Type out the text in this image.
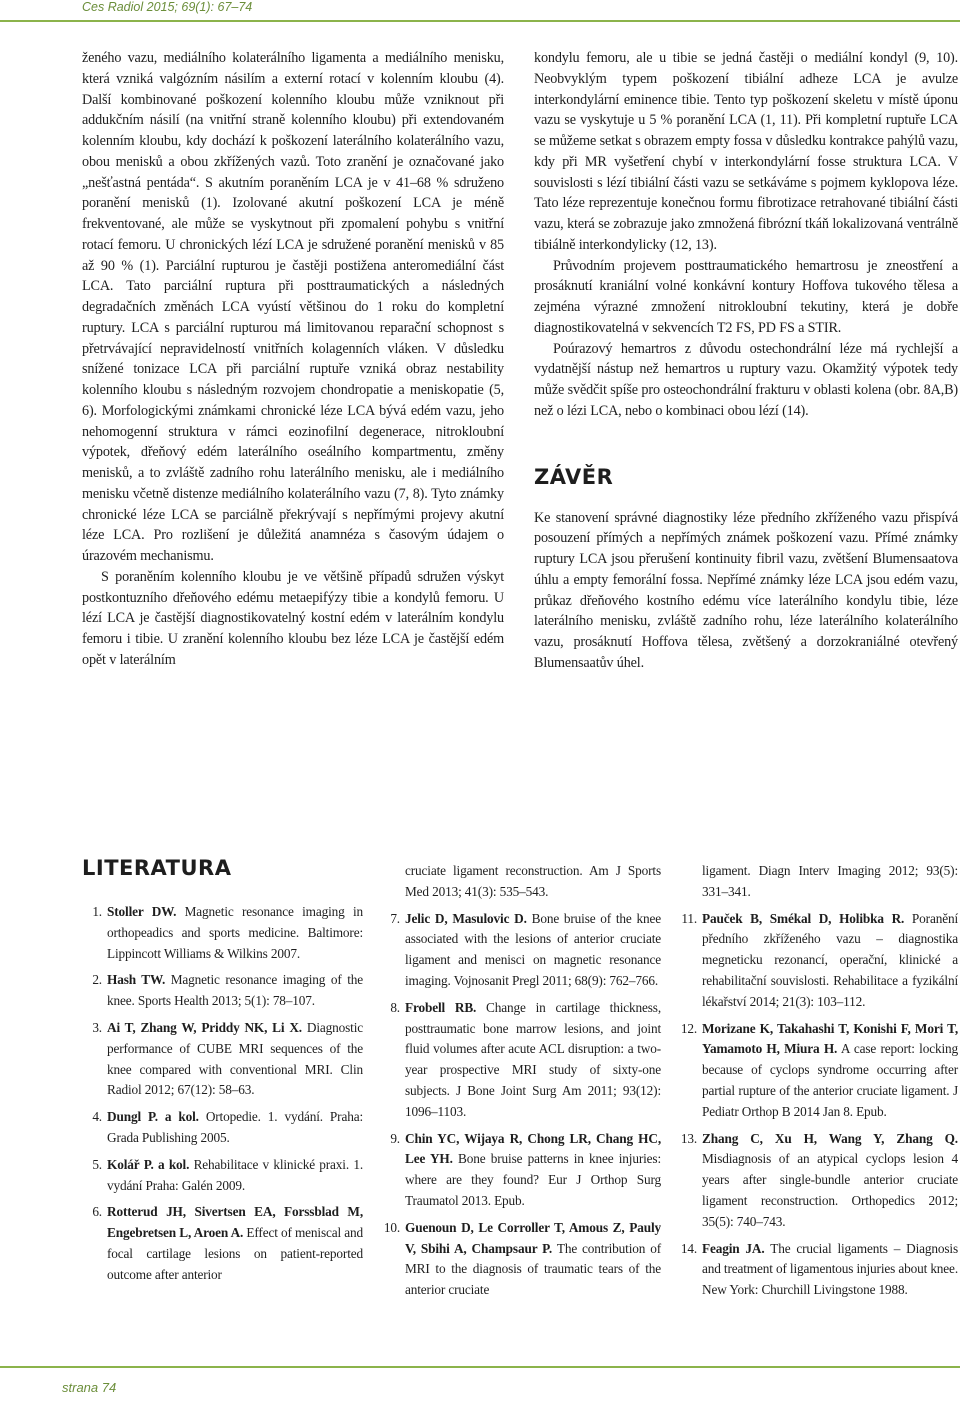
Ces Radiol 2015; 69(1): 67–74

ženého vazu, mediálního kolaterálního ligamenta a mediálního menisku, která vzniká valgózním násilím a externí rotací v kolenním kloubu (4). Další kombinované poškození kolenního kloubu může vzniknout při addukčním násilí (na vnitřní straně kolenního kloubu) při extendovaném kolenním kloubu, kdy dochází k poškození laterálního kolaterálního vazu, obou menisků a obou zkřížených vazů. Toto zranění je označované jako „nešťastná pentáda“. S akutním poraněním LCA je v 41–68 % sdruženo poranění menisků (1). Izolované akutní poškození LCA je méně frekventované, ale může se vyskytnout při zpomalení pohybu s vnitřní rotací femoru. U chronických lézí LCA je sdružené poranění menisků v 85 až 90 % (1). Parciální rupturou je častěji postižena anteromediální část LCA. Tato parciální ruptura při posttraumatických a následných degradačních změnách LCA vyústí většinou do 1 roku do kompletní ruptury. LCA s parciální rupturou má limitovanou reparační schopnost s přetrvávající nepravidelností vnitřních kolagenních vláken. V důsledku snížené tonizace LCA při parciální ruptuře vzniká obraz nestability kolenního kloubu s následným rozvojem chondropatie a meniskopatie (5, 6). Morfologickými známkami chronické léze LCA bývá edém vazu, jeho nehomogenní struktura v rámci eozinofilní degenerace, nitrokloubní výpotek, dřeňový edém laterálního oseálního kompartmentu, změny menisků, a to zvláště zadního rohu laterálního menisku, ale i mediálního menisku včetně distenze mediálního kolaterálního vazu (7, 8). Tyto známky chronické léze LCA se parciálně překrývají s nepřímými projevy akutní léze LCA. Pro rozlišení je důležitá anamnéza s časovým údajem o úrazovém mechanismu.

S poraněním kolenního kloubu je ve většině případů sdružen výskyt postkontuzního dřeňového edému metaepifýzy tibie a kondylů femoru. U lézí LCA je častější diagnostikovatelný kostní edém v laterálním kondylu femoru i tibie. U zranění kolenního kloubu bez léze LCA je častější edém opět v laterálním

kondylu femoru, ale u tibie se jedná častěji o mediální kondyl (9, 10). Neobvyklým typem poškození tibiální adheze LCA je avulze interkondylární eminence tibie. Tento typ poškození skeletu v místě úponu vazu se vyskytuje u 5 % poranění LCA (1, 11). Při kompletní ruptuře LCA se můžeme setkat s obrazem empty fossa v důsledku kontrakce pahýlů vazu, kdy při MR vyšetření chybí v interkondylární fosse struktura LCA. V souvislosti s lézí tibiální části vazu se setkáváme s pojmem kyklopova léze. Tato léze reprezentuje konečnou formu fibrotizace retrahované tibiální části vazu, která se zobrazuje jako zmnožená fibrózní tkáň lokalizovaná ventrálně tibiálně interkondylicky (12, 13).

Průvodním projevem posttraumatického hemartrosu je zneostření a prosáknutí kraniální volné konkávní kontury Hoffova tukového tělesa a zejména výrazné zmnožení nitrokloubní tekutiny, která je dobře diagnostikovatelná v sekvencích T2 FS, PD FS a STIR.

Poúrazový hemartros z důvodu ostechondrální léze má rychlejší a vydatnější nástup než hemartros u ruptury vazu. Okamžitý výpotek tedy může svědčit spíše pro osteochondrální frakturu v oblasti kolena (obr. 8A,B) než o lézi LCA, nebo o kombinaci obou lézí (14).

ZÁVĚR

Ke stanovení správné diagnostiky léze předního zkříženého vazu přispívá posouzení přímých a nepřímých známek poškození vazu. Přímé známky ruptury LCA jsou přerušení kontinuity fibril vazu, zvětšení Blumensaatova úhlu a empty femorální fossa. Nepřímé známky léze LCA jsou edém vazu, průkaz dřeňového kostního edému více laterálního kondylu tibie, léze laterálního menisku, zvláště zadního rohu, léze laterálního kolaterálního vazu, prosáknutí Hoffova tělesa, zvětšený a dorzokraniálné otevřený Blumensaatův úhel.

LITERATURA
1. Stoller DW. Magnetic resonance imaging in orthopeadics and sports medicine. Baltimore: Lippincott Williams & Wilkins 2007.
2. Hash TW. Magnetic resonance imaging of the knee. Sports Health 2013; 5(1): 78–107.
3. Ai T, Zhang W, Priddy NK, Li X. Diagnostic performance of CUBE MRI sequences of the knee compared with conventional MRI. Clin Radiol 2012; 67(12): 58–63.
4. Dungl P. a kol. Ortopedie. 1. vydání. Praha: Grada Publishing 2005.
5. Kolář P. a kol. Rehabilitace v klinické praxi. 1. vydání Praha: Galén 2009.
6. Rotterud JH, Sivertsen EA, Forssblad M, Engebretsen L, Aroen A. Effect of meniscal and focal cartilage lesions on patient-reported outcome after anterior
cruciate ligament reconstruction. Am J Sports Med 2013; 41(3): 535–543.
7. Jelic D, Masulovic D. Bone bruise of the knee associated with the lesions of anterior cruciate ligament and menisci on magnetic resonance imaging. Vojnosanit Pregl 2011; 68(9): 762–766.
8. Frobell RB. Change in cartilage thickness, posttraumatic bone marrow lesions, and joint fluid volumes after acute ACL disruption: a two-year prospective MRI study of sixty-one subjects. J Bone Joint Surg Am 2011; 93(12): 1096–1103.
9. Chin YC, Wijaya R, Chong LR, Chang HC, Lee YH. Bone bruise patterns in knee injuries: where are they found? Eur J Orthop Surg Traumatol 2013. Epub.
10. Guenoun D, Le Corroller T, Amous Z, Pauly V, Sbihi A, Champsaur P. The contribution of MRI to the diagnosis of traumatic tears of the anterior cruciate
ligament. Diagn Interv Imaging 2012; 93(5): 331–341.
11. Pauček B, Smékal D, Holibka R. Poranění předního zkříženého vazu – diagnostika megneticku rezonancí, operační, klinické a rehabilitační souvislosti. Rehabilitace a fyzikální lékařství 2014; 21(3): 103–112.
12. Morizane K, Takahashi T, Konishi F, Mori T, Yamamoto H, Miura H. A case report: locking because of cyclops syndrome occurring after partial rupture of the anterior cruciate ligament. J Pediatr Orthop B 2014 Jan 8. Epub.
13. Zhang C, Xu H, Wang Y, Zhang Q. Misdiagnosis of an atypical cyclops lesion 4 years after single-bundle anterior cruciate ligament reconstruction. Orthopedics 2012; 35(5): 740–743.
14. Feagin JA. The crucial ligaments – Diagnosis and treatment of ligamentous injuries about knee. New York: Churchill Livingstone 1988.
strana 74
